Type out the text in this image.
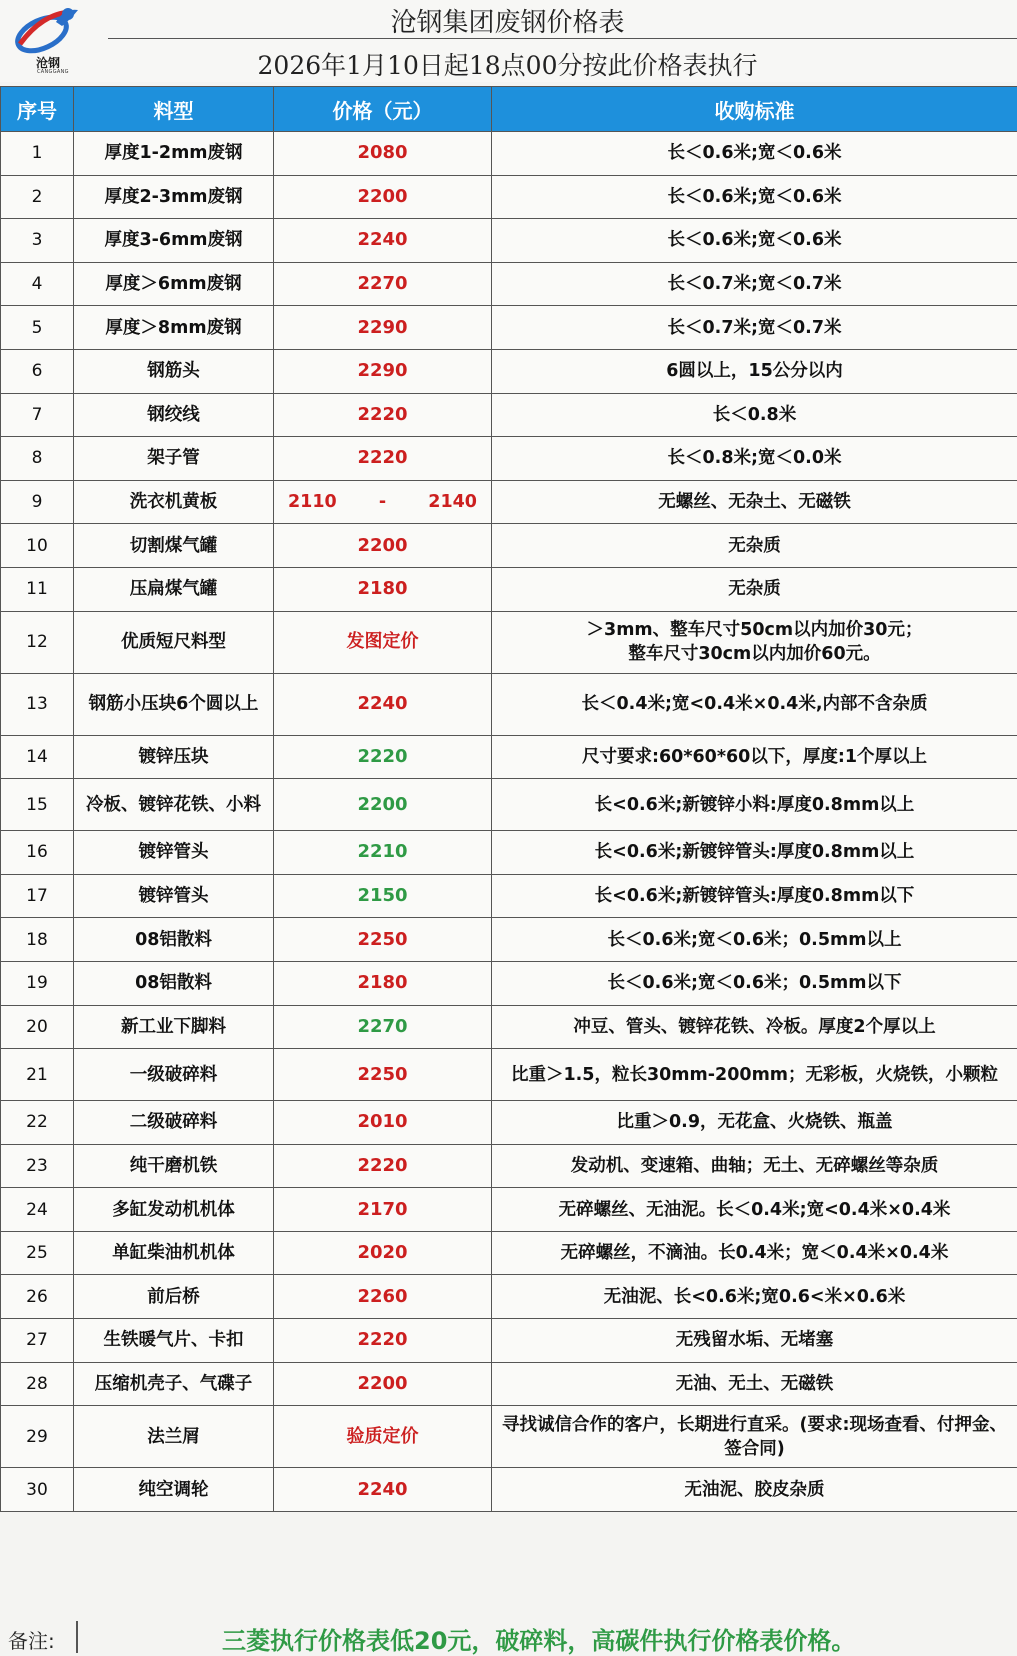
沧钢
CANGGANG
沧钢集团废钢价格表
2026年1月10日起18点00分按此价格表执行
序号	料型	价格（元）	收购标准
1	厚度1-2mm废钢	2080	长＜0.6米;宽＜0.6米
2	厚度2-3mm废钢	2200	长＜0.6米;宽＜0.6米
3	厚度3-6mm废钢	2240	长＜0.6米;宽＜0.6米
4	厚度＞6mm废钢	2270	长＜0.7米;宽＜0.7米
5	厚度＞8mm废钢	2290	长＜0.7米;宽＜0.7米
6	钢筋头	2290	6圆以上，15公分以内
7	钢绞线	2220	长＜0.8米
8	架子管	2220	长＜0.8米;宽＜0.0米
9	洗衣机黄板	2110 - 2140	无螺丝、无杂土、无磁铁
10	切割煤气罐	2200	无杂质
11	压扁煤气罐	2180	无杂质
12	优质短尺料型	发图定价	＞3mm、整车尺寸50cm以内加价30元；
整车尺寸30cm以内加价60元。
13	钢筋小压块6个圆以上	2240	长＜0.4米;宽<0.4米×0.4米,内部不含杂质
14	镀锌压块	2220	尺寸要求:60*60*60以下，厚度:1个厚以上
15	冷板、镀锌花铁、小料	2200	长<0.6米;新镀锌小料:厚度0.8mm以上
16	镀锌管头	2210	长<0.6米;新镀锌管头:厚度0.8mm以上
17	镀锌管头	2150	长<0.6米;新镀锌管头:厚度0.8mm以下
18	08铝散料	2250	长＜0.6米;宽＜0.6米；0.5mm以上
19	08铝散料	2180	长＜0.6米;宽＜0.6米；0.5mm以下
20	新工业下脚料	2270	冲豆、管头、镀锌花铁、冷板。厚度2个厚以上
21	一级破碎料	2250	比重＞1.5，粒长30mm-200mm；无彩板，火烧铁，小颗粒
22	二级破碎料	2010	比重＞0.9，无花盒、火烧铁、瓶盖
23	纯干磨机铁	2220	发动机、变速箱、曲轴；无土、无碎螺丝等杂质
24	多缸发动机机体	2170	无碎螺丝、无油泥。长＜0.4米;宽<0.4米×0.4米
25	单缸柴油机机体	2020	无碎螺丝，不滴油。长0.4米；宽＜0.4米×0.4米
26	前后桥	2260	无油泥、长<0.6米;宽0.6<米×0.6米
27	生铁暖气片、卡扣	2220	无残留水垢、无堵塞
28	压缩机壳子、气碟子	2200	无油、无土、无磁铁
29	法兰屑	验质定价	寻找诚信合作的客户，长期进行直采。(要求:现场查看、付押金、签合同)
30	纯空调轮	2240	无油泥、胶皮杂质
备注:	三菱执行价格表低20元，破碎料，高碳件执行价格表价格。
